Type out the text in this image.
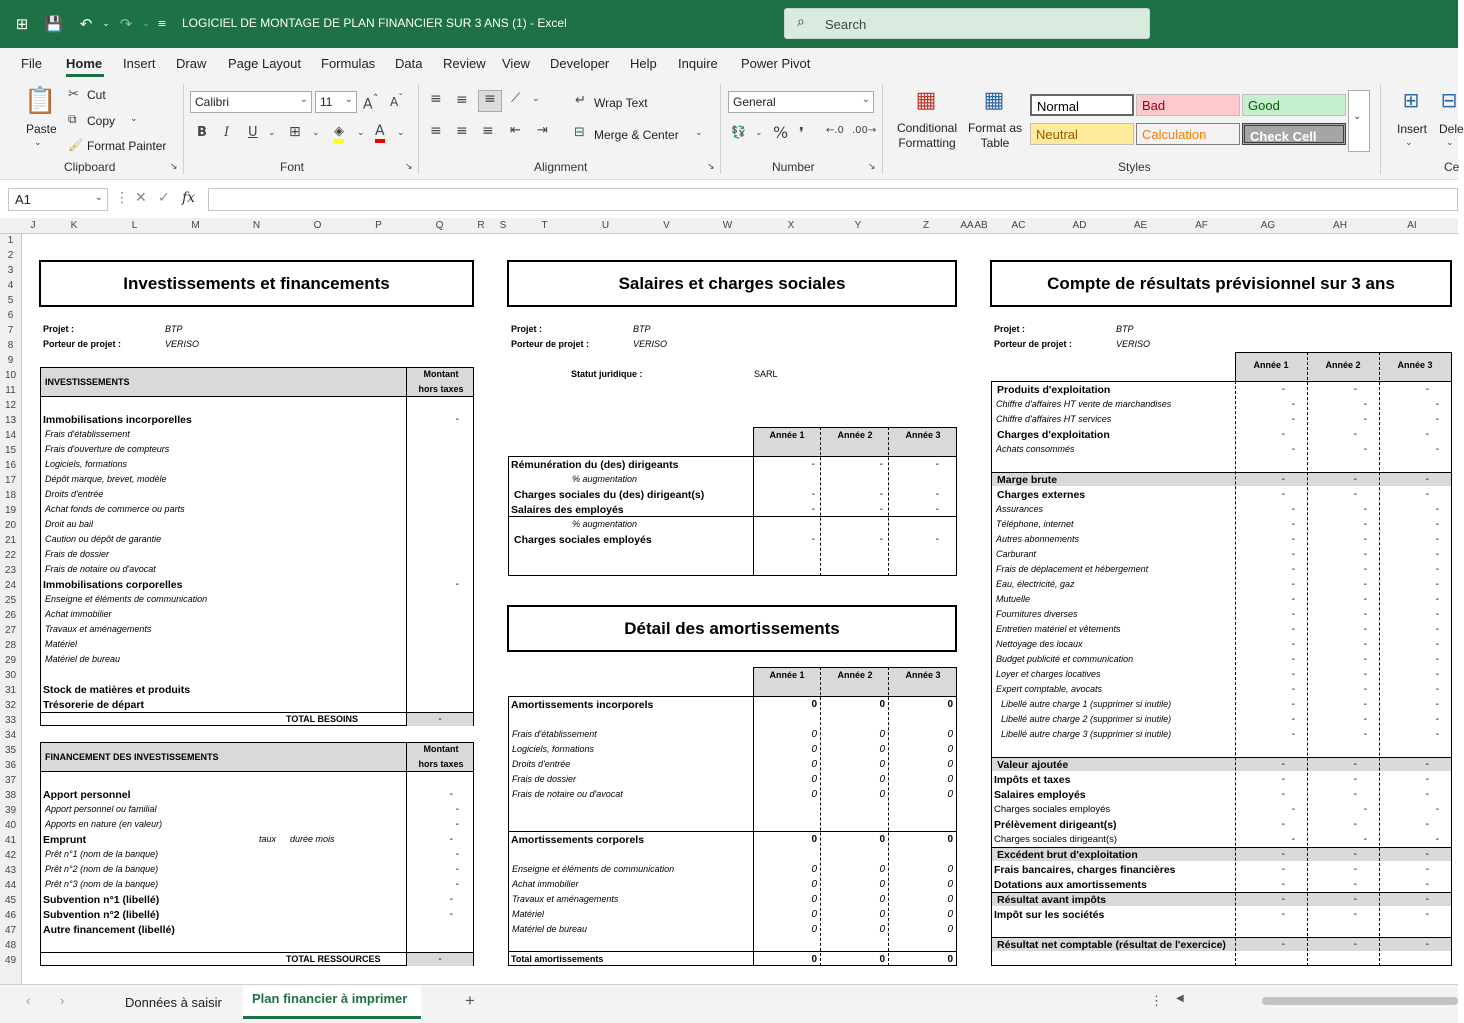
⊞ 💾 ↶	⌄ ↷	⌄ ≡	LOGICIEL DE MONTAGE DE PLAN FINANCIER SUR 3 ANS (1) - Excel	⌕ Search
File Home Insert Draw Page Layout Formulas Data Review View Developer Help Inquire Power Pivot
📋
Paste
⌄
✂ Cut
⧉ Copy ⌄
🖌 Format Painter
Clipboard	↘
Calibri	⌄	11 ⌄ $A^ˆ$ $A^ˇ$
B I U ⌄ ⊞ ⌄ ◈ ⌄ A ⌄
Font	↘
≡ ≡	≡	⟋ ⌄
≡ ≡ ≡ ⇤ ⇥
↵ Wrap Text
⊟ Merge & Center ⌄
Alignment	↘
General	⌄
💱 ⌄ % ❜ ←.0 .00→
Number	↘
▦
Conditional Formatting
▦
Format as Table
Normal	Bad	Good
Neutral	Calculation	Check Cell
⌄
Styles
⊞
Insert
⌄
⊟
Dele
⌄
Ce
A1	⌄ ⋮ ✕ ✓ fx
J	K	L	M	N	O	P	Q	R	S	T	U	V	W	X	Y	Z	AA AB	AC	AD	AE	AF	AG	AH	AI
1
2
3
4
5
6
7
8
9
10
11
12
13
14
15
16
17
18
19
20
21
22
23
24
25
26
27
28
29
30
31
32
33
34
35
36
37
38
39
40
41
42
43
44
45
46
47
48
49
Investissements et financements
Projet :	BTP
Porteur de projet :	VERISO
INVESTISSEMENTS
Montant
hors taxes
Immobilisations incorporelles	-
Frais d'établissement
Frais d'ouverture de compteurs
Logiciels, formations
Dépôt marque, brevet, modèle
Droits d'entrée
Achat fonds de commerce ou parts
Droit au bail
Caution ou dépôt de garantie
Frais de dossier
Frais de notaire ou d'avocat
Immobilisations corporelles	-
Enseigne et éléments de communication
Achat immobilier
Travaux et aménagements
Matériel
Matériel de bureau
Stock de matières et produits
Trésorerie de départ
TOTAL BESOINS	-
FINANCEMENT DES INVESTISSEMENTS
Montant
hors taxes
Apport personnel	-
Apport personnel ou familial	-
Apports en nature (en valeur)	-
Emprunt	-
Prêt n°1 (nom de la banque)	-
Prêt n°2 (nom de la banque)	-
Prêt n°3 (nom de la banque)	-
Subvention n°1 (libellé)	-
Subvention n°2 (libellé)	-
Autre financement (libellé)
taux durée mois
TOTAL RESSOURCES	-
Salaires et charges sociales
Projet :	BTP
Porteur de projet :	VERISO
Statut juridique :	SARL
Année 1	Année 2	Année 3
Rémunération du (des) dirigeants	-	-	-
% augmentation
Charges sociales du (des) dirigeant(s)	-	-	-
Salaires des employés	-	-	-
% augmentation
Charges sociales employés	-	-	-
Détail des amortissements
Année 1	Année 2	Année 3
Amortissements incorporels	0	0	0
Frais d'établissement	0	0	0
Logiciels, formations	0	0	0
Droits d'entrée	0	0	0
Frais de dossier	0	0	0
Frais de notaire ou d'avocat	0	0	0
Amortissements corporels	0	0	0
Enseigne et éléments de communication	0	0	0
Achat immobilier	0	0	0
Travaux et aménagements	0	0	0
Matériel	0	0	0
Matériel de bureau	0	0	0
Total amortissements	0	0	0
Compte de résultats prévisionnel sur 3 ans
Projet :	BTP
Porteur de projet :	VERISO
Année 1	Année 2	Année 3
Produits d'exploitation	-	-	-
Chiffre d'affaires HT vente de marchandises	-	-	-
Chiffre d'affaires HT services	-	-	-
Charges d'exploitation	-	-	-
Achats consommés	-	-	-
Marge brute	-	-	-
Charges externes	-	-	-
Assurances	-	-	-
Téléphone, internet	-	-	-
Autres abonnements	-	-	-
Carburant	-	-	-
Frais de déplacement et hébergement	-	-	-
Eau, électricité, gaz	-	-	-
Mutuelle	-	-	-
Fournitures diverses	-	-	-
Entretien matériel et vêtements	-	-	-
Nettoyage des locaux	-	-	-
Budget publicité et communication	-	-	-
Loyer et charges locatives	-	-	-
Expert comptable, avocats	-	-	-
Libellé autre charge 1 (supprimer si inutile)	-	-	-
Libellé autre charge 2 (supprimer si inutile)	-	-	-
Libellé autre charge 3 (supprimer si inutile)	-	-	-
Valeur ajoutée	-	-	-
Impôts et taxes	-	-	-
Salaires employés	-	-	-
Charges sociales employés	-	-	-
Prélèvement dirigeant(s)	-	-	-
Charges sociales dirigeant(s)	-	-	-
Excédent brut d'exploitation	-	-	-
Frais bancaires, charges financières	-	-	-
Dotations aux amortissements	-	-	-
Résultat avant impôts	-	-	-
Impôt sur les sociétés	-	-	-
Résultat net comptable (résultat de l'exercice)	-	-	-
‹ ›	Données à saisir Plan financier à imprimer	+	⋮ ◀
